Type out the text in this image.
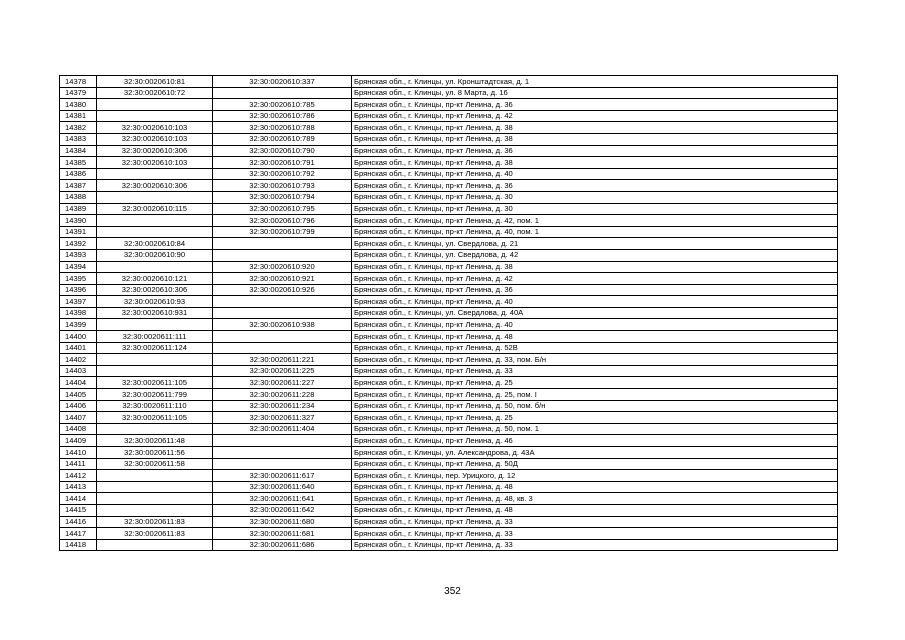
14378	32:30:0020610:81	32:30:0020610:337	Брянская обл., г. Клинцы, ул. Кронштадтская, д. 1
14379	32:30:0020610:72		Брянская обл., г. Клинцы, ул. 8 Марта, д. 16
14380		32:30:0020610:785	Брянская обл., г. Клинцы, пр-кт Ленина, д. 36
14381		32:30:0020610:786	Брянская обл., г. Клинцы, пр-кт Ленина, д. 42
14382	32:30:0020610:103	32:30:0020610:788	Брянская обл., г. Клинцы, пр-кт Ленина, д. 38
14383	32:30:0020610:103	32:30:0020610:789	Брянская обл., г. Клинцы, пр-кт Ленина, д. 38
14384	32:30:0020610:306	32:30:0020610:790	Брянская обл., г. Клинцы, пр-кт Ленина, д. 36
14385	32:30:0020610:103	32:30:0020610:791	Брянская обл., г. Клинцы, пр-кт Ленина, д. 38
14386		32:30:0020610:792	Брянская обл., г. Клинцы, пр-кт Ленина, д. 40
14387	32:30:0020610:306	32:30:0020610:793	Брянская обл., г. Клинцы, пр-кт Ленина, д. 36
14388		32:30:0020610:794	Брянская обл., г. Клинцы, пр-кт Ленина, д. 30
14389	32:30:0020610:115	32:30:0020610:795	Брянская обл., г. Клинцы, пр-кт Ленина, д. 30
14390		32:30:0020610:796	Брянская обл., г. Клинцы, пр-кт Ленина, д. 42, пом. 1
14391		32:30:0020610:799	Брянская обл., г. Клинцы, пр-кт Ленина, д. 40, пом. 1
14392	32:30:0020610:84		Брянская обл., г. Клинцы, ул. Свердлова, д. 21
14393	32:30:0020610:90		Брянская обл., г. Клинцы, ул. Свердлова, д. 42
14394		32:30:0020610:920	Брянская обл., г. Клинцы, пр-кт Ленина, д. 38
14395	32:30:0020610:121	32:30:0020610:921	Брянская обл., г. Клинцы, пр-кт Ленина, д. 42
14396	32:30:0020610:306	32:30:0020610:926	Брянская обл., г. Клинцы, пр-кт Ленина, д. 36
14397	32:30:0020610:93		Брянская обл., г. Клинцы, пр-кт Ленина, д. 40
14398	32:30:0020610:931		Брянская обл., г. Клинцы, ул. Свердлова, д. 40А
14399		32:30:0020610:938	Брянская обл., г. Клинцы, пр-кт Ленина, д. 40
14400	32:30:0020611:111		Брянская обл., г. Клинцы, пр-кт Ленина, д. 48
14401	32:30:0020611:124		Брянская обл., г. Клинцы, пр-кт Ленина, д. 52В
14402		32:30:0020611:221	Брянская обл., г. Клинцы, пр-кт Ленина, д. 33, пом. Б/н
14403		32:30:0020611:225	Брянская обл., г. Клинцы, пр-кт Ленина, д. 33
14404	32:30:0020611:105	32:30:0020611:227	Брянская обл., г. Клинцы, пр-кт Ленина, д. 25
14405	32:30:0020611:799	32:30:0020611:228	Брянская обл., г. Клинцы, пр-кт Ленина, д. 25, пом. I
14406	32:30:0020611:110	32:30:0020611:234	Брянская обл., г. Клинцы, пр-кт Ленина, д. 50, пом. б/н
14407	32:30:0020611:105	32:30:0020611:327	Брянская обл., г. Клинцы, пр-кт Ленина, д. 25
14408		32:30:0020611:404	Брянская обл., г. Клинцы, пр-кт Ленина, д. 50, пом. 1
14409	32:30:0020611:48		Брянская обл., г. Клинцы, пр-кт Ленина, д. 46
14410	32:30:0020611:56		Брянская обл., г. Клинцы, ул. Александрова, д. 43А
14411	32:30:0020611:58		Брянская обл., г. Клинцы, пр-кт Ленина, д. 50Д
14412		32:30:0020611:617	Брянская обл., г. Клинцы, пер. Урицкого, д. 12
14413		32:30:0020611:640	Брянская обл., г. Клинцы, пр-кт Ленина, д. 48
14414		32:30:0020611:641	Брянская обл., г. Клинцы, пр-кт Ленина, д. 48, кв. 3
14415		32:30:0020611:642	Брянская обл., г. Клинцы, пр-кт Ленина, д. 48
14416	32:30:0020611:83	32:30:0020611:680	Брянская обл., г. Клинцы, пр-кт Ленина, д. 33
14417	32:30:0020611:83	32:30:0020611:681	Брянская обл., г. Клинцы, пр-кт Ленина, д. 33
14418		32:30:0020611:686	Брянская обл., г. Клинцы, пр-кт Ленина, д. 33
352
